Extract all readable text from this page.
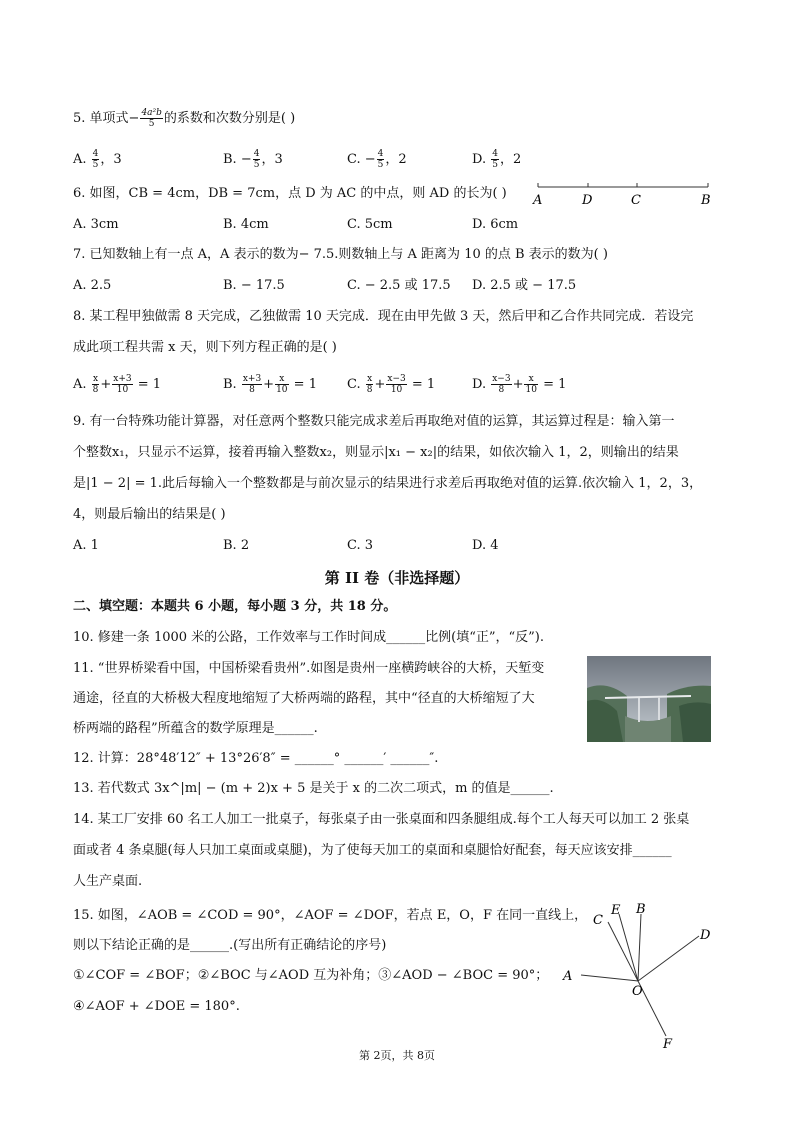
5. 单项式− $\frac{\text{4a²b}}{5}$ 的系数和次数分别是( )
A. $\frac{4}{5}$ ，3	B. − $\frac{4}{5}$ ，3	C. − $\frac{4}{5}$ ，2	D. $\frac{4}{5}$ ，2
6. 如图，CB = 4cm，DB = 7cm，点 D 为 AC 的中点，则 AD 的长为( ) A	D	C	B
A. 3cm	B. 4cm	C. 5cm	D. 6cm
7. 已知数轴上有一点 A，A 表示的数为− 7.5.则数轴上与 A 距离为 10 的点 B 表示的数为( )
A. 2.5	B. − 17.5	C. − 2.5 或 17.5 D. 2.5 或 − 17.5
8. 某工程甲独做需 8 天完成，乙独做需 10 天完成．现在由甲先做 3 天，然后甲和乙合作共同完成．若设完
成此项工程共需 x 天，则下列方程正确的是( )
A. $\frac{x}{8} + \frac{x+3}{10} = 1$	B. $\frac{x+3}{8} + \frac{x}{10} = 1$ C. $\frac{x}{8} + \frac{x-3}{10} = 1$	D. $\frac{x-3}{8} + \frac{x}{10} = 1$
9. 有一台特殊功能计算器，对任意两个整数只能完成求差后再取绝对值的运算，其运算过程是：输入第一
个整数x₁，只显示不运算，接着再输入整数x₂，则显示|x₁ − x₂|的结果，如依次输入 1，2，则输出的结果
是|1 − 2| = 1.此后每输入一个整数都是与前次显示的结果进行求差后再取绝对值的运算.依次输入 1，2，3，
4，则最后输出的结果是( )
A. 1	B. 2	C. 3	D. 4
第 II 卷（非选择题）
二、填空题：本题共 6 小题，每小题 3 分，共 18 分。
10. 修建一条 1000 米的公路，工作效率与工作时间成______比例(填“正”，“反”).
11. “世界桥梁看中国，中国桥梁看贵州”.如图是贵州一座横跨峡谷的大桥，天堑变
通途，径直的大桥极大程度地缩短了大桥两端的路程，其中“径直的大桥缩短了大
桥两端的路程”所蕴含的数学原理是______.
12. 计算：28°48′12″ + 13°26′8″ = ______° ______′ ______″.
13. 若代数式 3x^|m| − (m + 2)x + 5 是关于 x 的二次二项式，m 的值是______.
14. 某工厂安排 60 名工人加工一批桌子，每张桌子由一张桌面和四条腿组成.每个工人每天可以加工 2 张桌
面或者 4 条桌腿(每人只加工桌面或桌腿)，为了使每天加工的桌面和桌腿恰好配套，每天应该安排______
人生产桌面.
15. 如图，∠AOB = ∠COD = 90°，∠AOF = ∠DOF，若点 E，O，F 在同一直线上，
则以下结论正确的是______.(写出所有正确结论的序号)
①∠COF = ∠BOF；②∠BOC 与∠AOD 互为补角；③∠AOD − ∠BOC = 90°；
④∠AOF + ∠DOE = 180°.
A
C
E B
D
O
F
第 2页，共 8页
